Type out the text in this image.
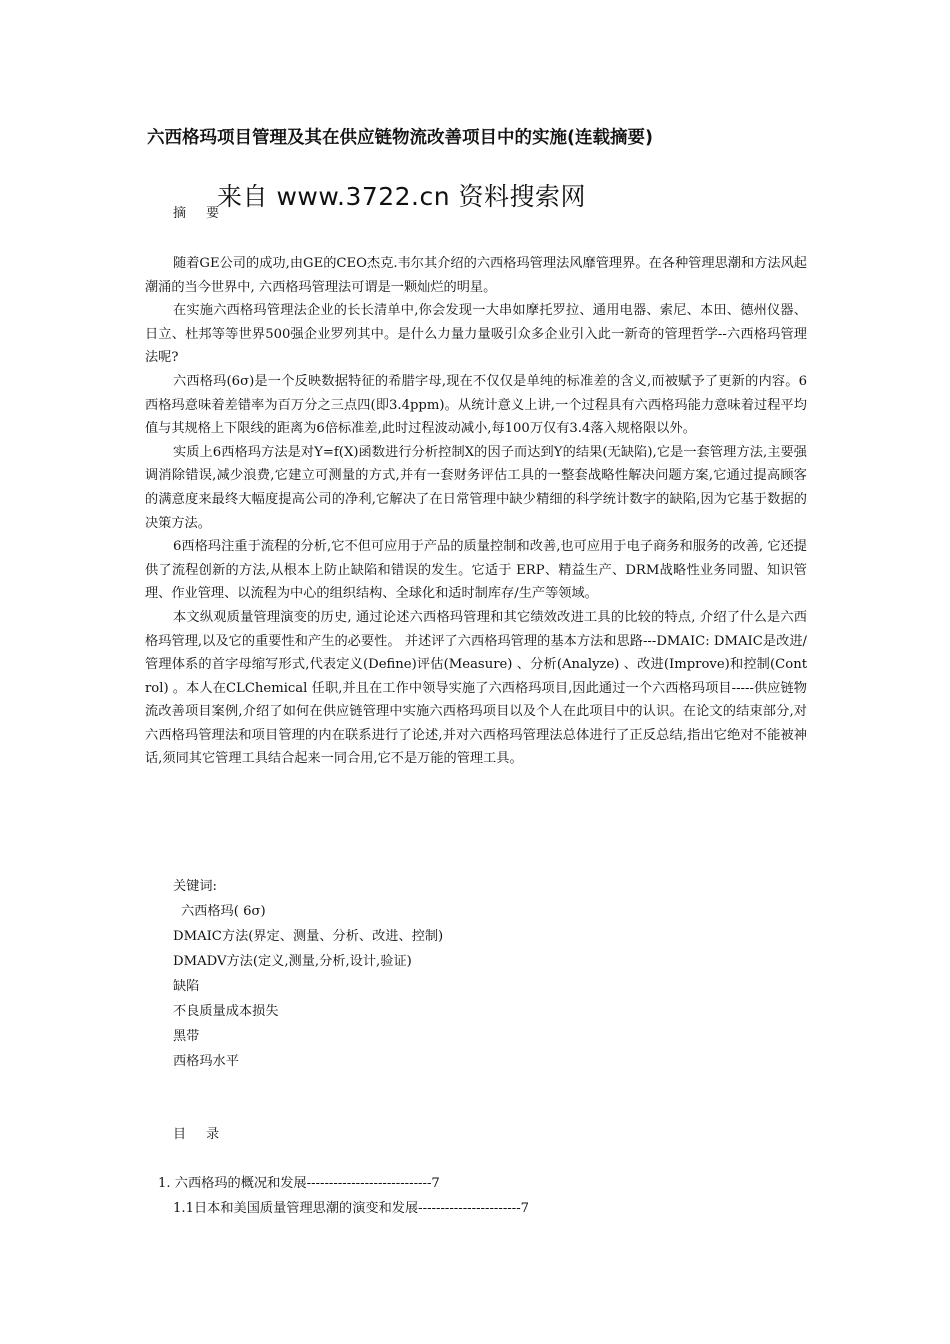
六西格玛项目管理及其在供应链物流改善项目中的实施(连载摘要)
摘 要
来自 www.3722.cn 资料搜索网

随着GE公司的成功,由GE的CEO杰克.韦尔其介绍的六西格玛管理法风靡管理界。在各种管理思潮和方法风起潮涌的当今世界中, 六西格玛管理法可谓是一颗灿烂的明星。

在实施六西格玛管理法企业的长长清单中,你会发现一大串如摩托罗拉、通用电器、索尼、本田、德州仪器、日立、杜邦等等世界500强企业罗列其中。是什么力量力量吸引众多企业引入此一新奇的管理哲学--六西格玛管理法呢?

六西格玛(6σ)是一个反映数据特征的希腊字母,现在不仅仅是单纯的标准差的含义,而被赋予了更新的内容。6西格玛意味着差错率为百万分之三点四(即3.4ppm)。从统计意义上讲,一个过程具有六西格玛能力意味着过程平均值与其规格上下限线的距离为6倍标准差,此时过程波动减小,每100万仅有3.4落入规格限以外。

实质上6西格玛方法是对Y=f(X)函数进行分析控制X的因子而达到Y的结果(无缺陷),它是一套管理方法,主要强调消除错误,减少浪费,它建立可测量的方式,并有一套财务评估工具的一整套战略性解决问题方案,它通过提高顾客的满意度来最终大幅度提高公司的净利,它解决了在日常管理中缺少精细的科学统计数字的缺陷,因为它基于数据的决策方法。

6西格玛注重于流程的分析,它不但可应用于产品的质量控制和改善,也可应用于电子商务和服务的改善, 它还提供了流程创新的方法,从根本上防止缺陷和错误的发生。它适于 ERP、精益生产、DRM战略性业务同盟、知识管理、作业管理、以流程为中心的组织结构、全球化和适时制库存/生产等领域。

本文纵观质量管理演变的历史, 通过论述六西格玛管理和其它绩效改进工具的比较的特点, 介绍了什么是六西格玛管理,以及它的重要性和产生的必要性。 并述评了六西格玛管理的基本方法和思路---DMAIC: DMAIC是改进/管理体系的首字母缩写形式,代表定义(Define)评估(Measure) 、分析(Analyze) 、改进(Improve)和控制(Control) 。本人在CLChemical 任职,并且在工作中领导实施了六西格玛项目,因此通过一个六西格玛项目-----供应链物流改善项目案例,介绍了如何在供应链管理中实施六西格玛项目以及个人在此项目中的认识。在论文的结束部分,对六西格玛管理法和项目管理的内在联系进行了论述,并对六西格玛管理法总体进行了正反总结,指出它绝对不能被神话,须同其它管理工具结合起来一同合用,它不是万能的管理工具。

关键词:
六西格玛( 6σ)
DMAIC方法(界定、测量、分析、改进、控制)
DMADV方法(定义,测量,分析,设计,验证)
缺陷
不良质量成本损失
黑带
西格玛水平
目 录
1. 六西格玛的概况和发展----------------------------7
1.1日本和美国质量管理思潮的演变和发展-----------------------7
